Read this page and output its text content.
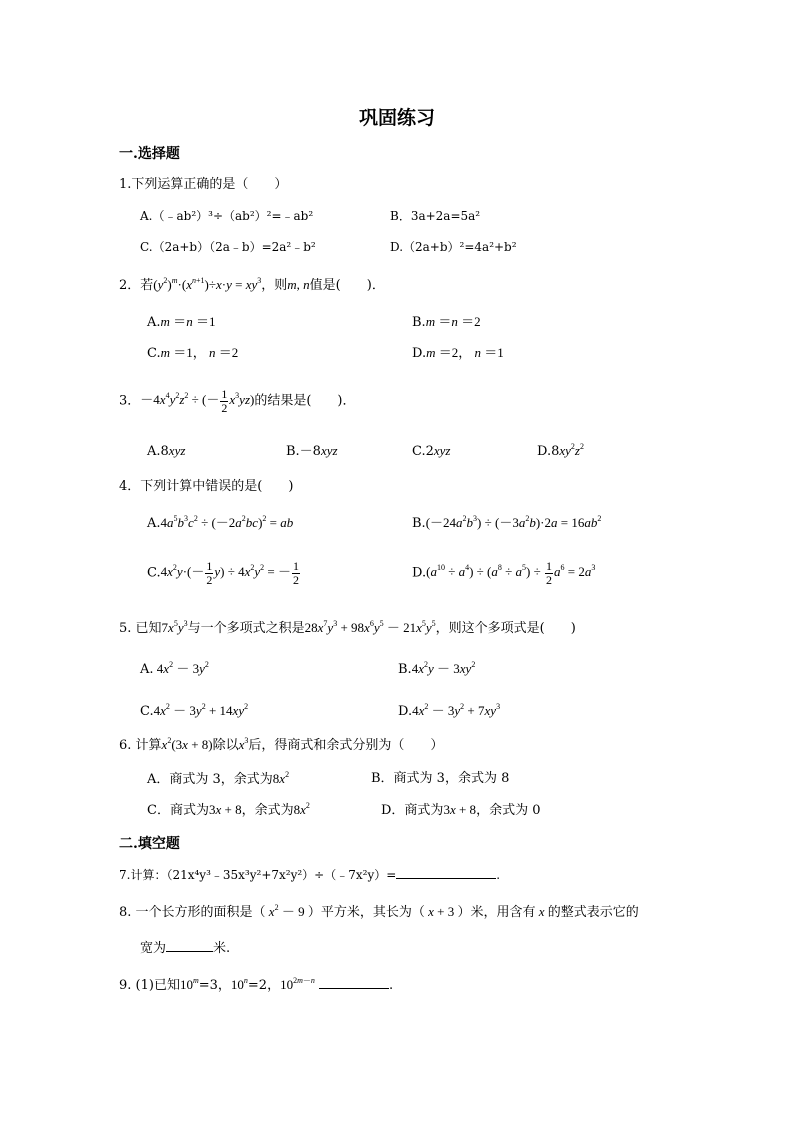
巩固练习
一.选择题
1.下列运算正确的是（　　）
A.（﹣ab²）³÷（ab²）²=﹣ab²	B．3a+2a=5a²
C.（2a+b）（2a﹣b）=2a²﹣b²	D.（2a+b）²=4a²+b²
2．若$(y^2)^m\cdot(x^{n+1})\div x\cdot y = xy^3$，则m, n值是(　　)．
A.m ＝n ＝1	B.m ＝n ＝2
C.m ＝1， n ＝2	D.m ＝2， n ＝1
3．$-4x^4y^2z^2$ ÷ (－ $\frac{1}{2} x^3yz$)的结果是(　　)．
A.8xyz	B.－8xyz	C.2xyz	$D.8xy^2z^2$
4．下列计算中错误的是(　　)
$A.4a^5b^3c^2 \div (-2a^2bc)^2$ = ab	$B.(-24a^2b^3) \div (-3a^2b)\cdot 2a = 16ab^2$
$C.4x^2y\cdot(- \frac{1}{2} y) \div 4x^2y^2$ = － $\frac{1}{2}$	$D.(a^{10} \div a^4) \div (a^8 \div a^5) \div \frac{1}{2} a^6 = 2a^3$
5. 已知$7x^5y^3$与一个多项式之积是$28x^7y^3 + 98x^6y^5 - 21x^5y^5$，则这个多项式是(　　)
A. $4x^2 - 3y^2$	$B.4x^2y - 3xy^2$
$C.4x^2 - 3y^2 + 14xy^2$	$D.4x^2 - 3y^2 + 7xy^3$
6. 计算$x^2(3x + 8)$除以$x^3$后，得商式和余式分别为（　　）
A．商式为 3，余式为$8x^2$	B．商式为 3，余式为 8
C．商式为3x + 8，余式为$8x^2$	D．商式为3x + 8，余式为 0
二.填空题
7.计算：（21x⁴y³﹣35x³y²+7x²y²）÷（﹣7x²y）=	.
8. 一个长方形的面积是（ $x^2 - 9$ ）平方米，其长为（ x + 3 ）米，用含有 x 的整式表示它的
宽为	米.
9. (1)已知$10^m=3$，$10^n=2$，$10^{2m-n}$	.
